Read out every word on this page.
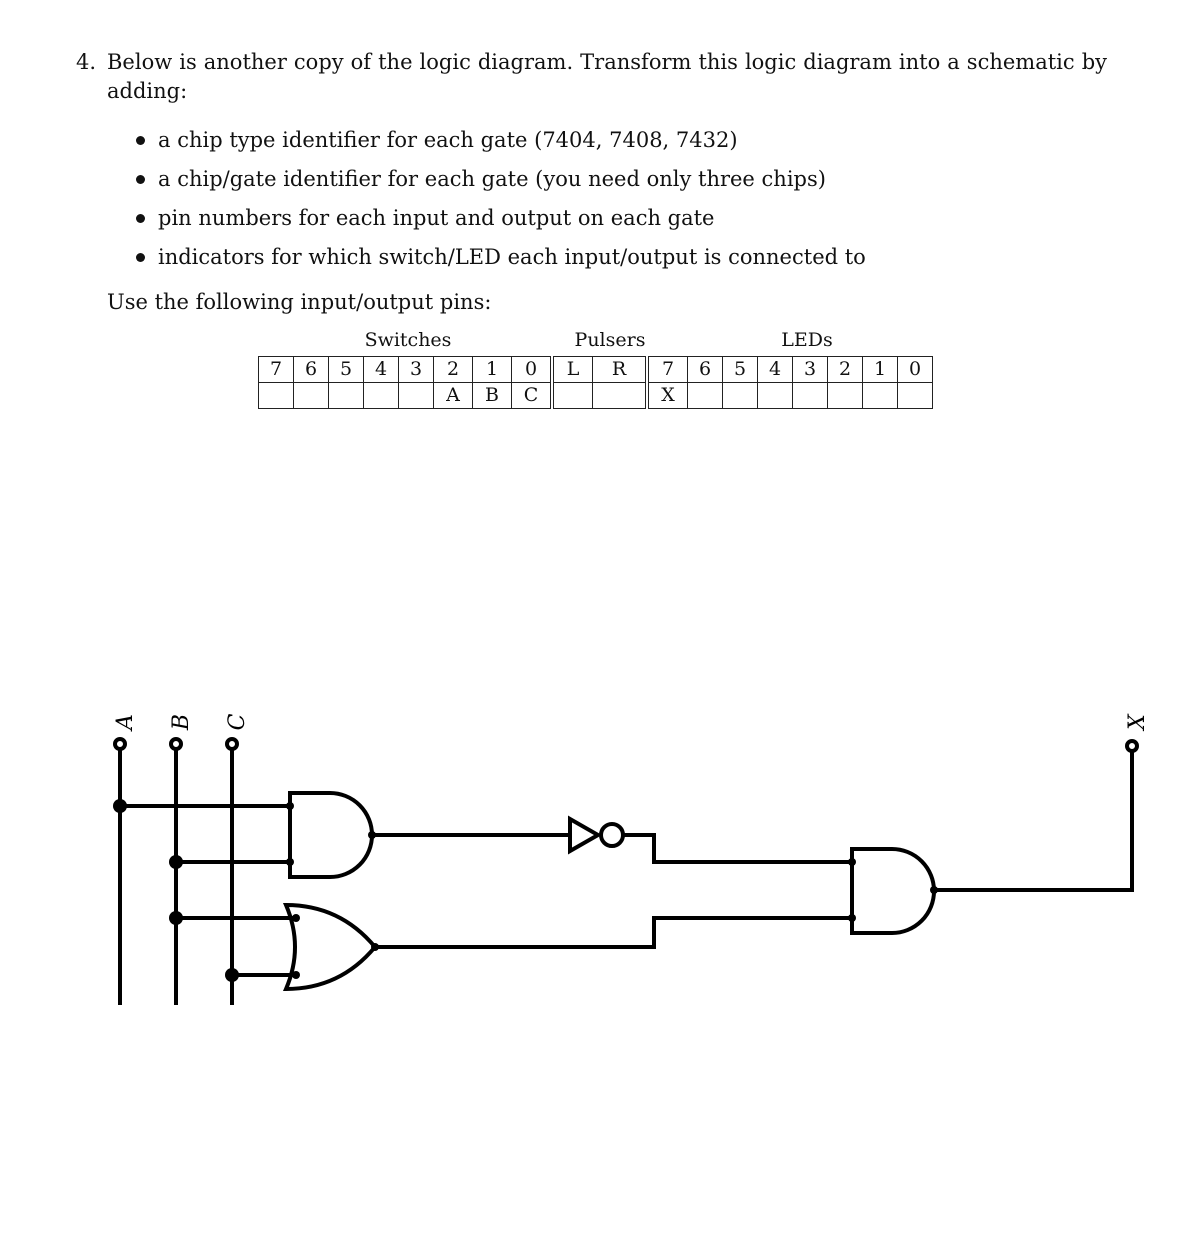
4. Below is another copy of the logic diagram. Transform this logic diagram into a schematic by adding:
a chip type identifier for each gate (7404, 7408, 7432)
a chip/gate identifier for each gate (you need only three chips)
pin numbers for each input and output on each gate
indicators for which switch/LED each input/output is connected to
Use the following input/output pins:
Switches	Pulsers	LEDs
7	6	5	4	3	2	1	0	L	R	7	6	5	4	3	2	1	0
					A	B	C			X							
A B C	X
